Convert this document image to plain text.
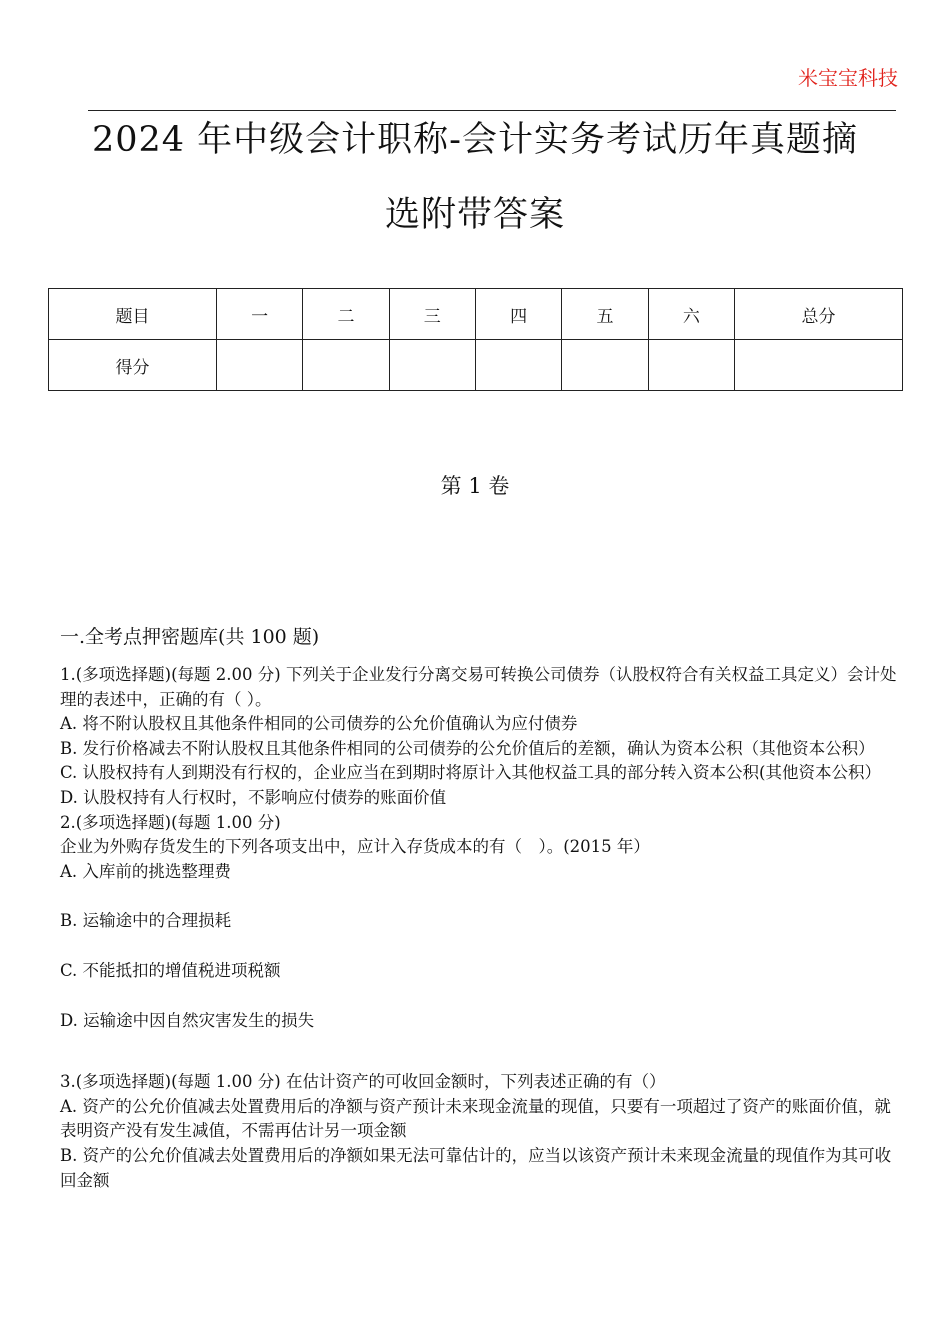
米宝宝科技
2024 年中级会计职称-会计实务考试历年真题摘
选附带答案
题目	一	二	三	四	五	六	总分
得分							
第 1 卷
一.全考点押密题库(共 100 题)

1.(多项选择题)(每题 2.00 分) 下列关于企业发行分离交易可转换公司债券（认股权符合有关权益工具定义）会计处理的表述中，正确的有（ ）。

A. 将不附认股权且其他条件相同的公司债券的公允价值确认为应付债券

B. 发行价格减去不附认股权且其他条件相同的公司债券的公允价值后的差额，确认为资本公积（其他资本公积）

C. 认股权持有人到期没有行权的，企业应当在到期时将原计入其他权益工具的部分转入资本公积(其他资本公积）

D. 认股权持有人行权时，不影响应付债券的账面价值

2.(多项选择题)(每题 1.00 分)

企业为外购存货发生的下列各项支出中，应计入存货成本的有（　）。(2015 年）

A. 入库前的挑选整理费

B. 运输途中的合理损耗

C. 不能抵扣的增值税进项税额

D. 运输途中因自然灾害发生的损失

3.(多项选择题)(每题 1.00 分) 在估计资产的可收回金额时，下列表述正确的有（）

A. 资产的公允价值减去处置费用后的净额与资产预计未来现金流量的现值，只要有一项超过了资产的账面价值，就表明资产没有发生减值，不需再估计另一项金额

B. 资产的公允价值减去处置费用后的净额如果无法可靠估计的，应当以该资产预计未来现金流量的现值作为其可收回金额
